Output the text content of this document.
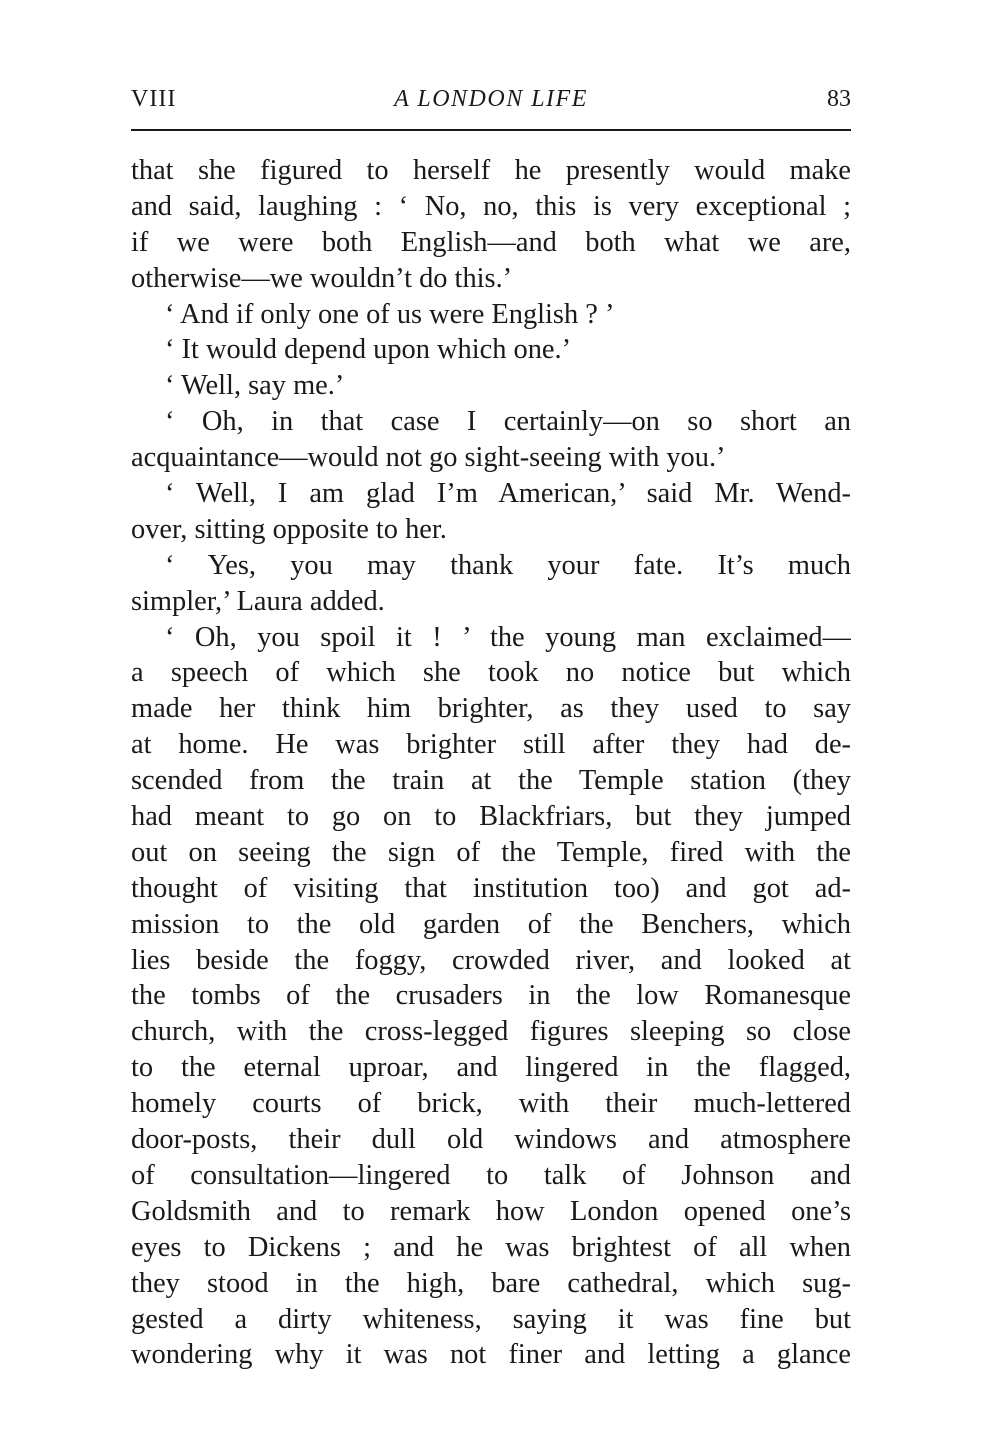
VIII	A LONDON LIFE	83
that she figured to herself he presently would make
and said, laughing : ‘ No, no, this is very exceptional ;
if we were both English—and both what we are,
otherwise—we wouldn’t do this.’
‘ And if only one of us were English ? ’
‘ It would depend upon which one.’
‘ Well, say me.’
‘ Oh, in that case I certainly—on so short an
acquaintance—would not go sight-seeing with you.’
‘ Well, I am glad I’m American,’ said Mr. Wend-
over, sitting opposite to her.
‘ Yes, you may thank your fate. It’s much
simpler,’ Laura added.
‘ Oh, you spoil it ! ’ the young man exclaimed—
a speech of which she took no notice but which
made her think him brighter, as they used to say
at home. He was brighter still after they had de-
scended from the train at the Temple station (they
had meant to go on to Blackfriars, but they jumped
out on seeing the sign of the Temple, fired with the
thought of visiting that institution too) and got ad-
mission to the old garden of the Benchers, which
lies beside the foggy, crowded river, and looked at
the tombs of the crusaders in the low Romanesque
church, with the cross-legged figures sleeping so close
to the eternal uproar, and lingered in the flagged,
homely courts of brick, with their much-lettered
door-posts, their dull old windows and atmosphere
of consultation—lingered to talk of Johnson and
Goldsmith and to remark how London opened one’s
eyes to Dickens ; and he was brightest of all when
they stood in the high, bare cathedral, which sug-
gested a dirty whiteness, saying it was fine but
wondering why it was not finer and letting a glance
